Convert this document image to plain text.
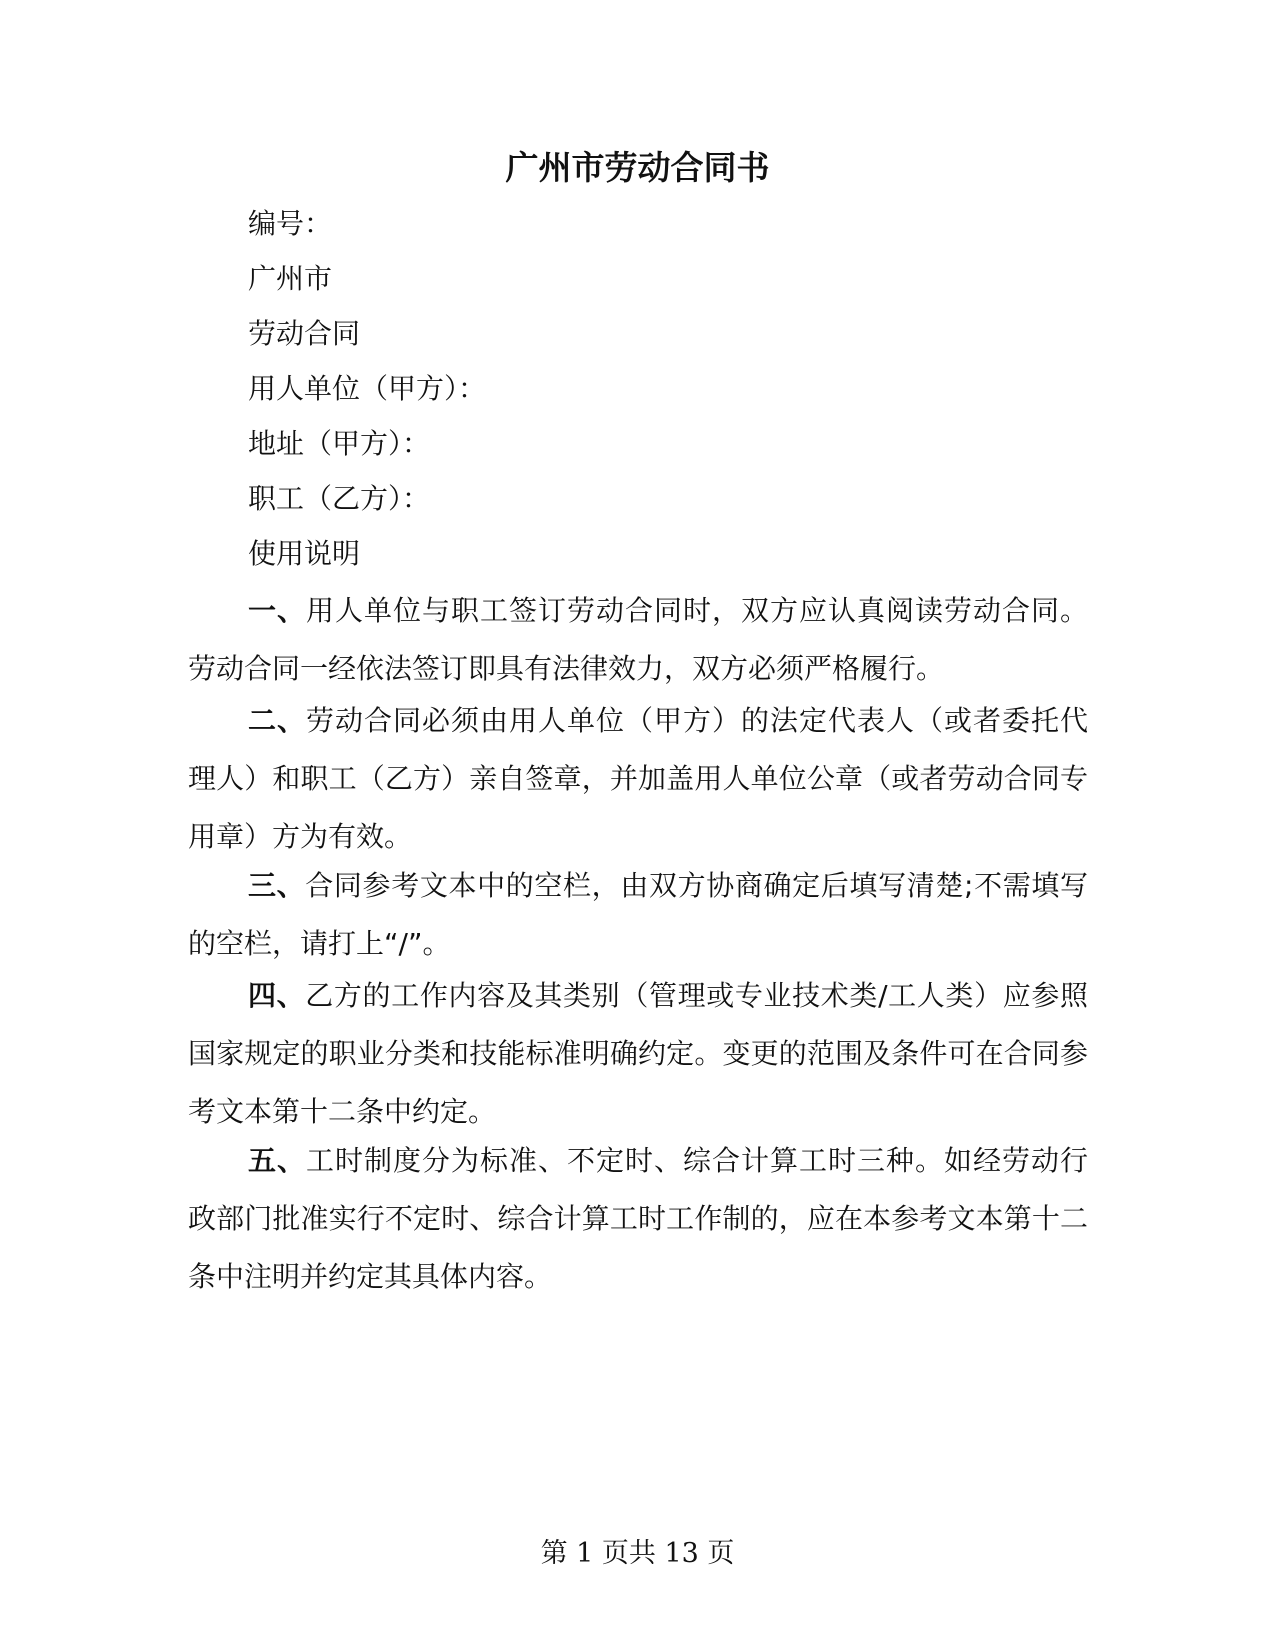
广州市劳动合同书
编号：
广州市
劳动合同
用人单位（甲方）：
地址（甲方）：
职工（乙方）：
使用说明
一、用人单位与职工签订劳动合同时，双方应认真阅读劳动合同。劳动合同一经依法签订即具有法律效力，双方必须严格履行。
二、劳动合同必须由用人单位（甲方）的法定代表人（或者委托代理人）和职工（乙方）亲自签章，并加盖用人单位公章（或者劳动合同专用章）方为有效。
三、合同参考文本中的空栏，由双方协商确定后填写清楚;不需填写的空栏，请打上“/”。
四、乙方的工作内容及其类别（管理或专业技术类/工人类）应参照国家规定的职业分类和技能标准明确约定。变更的范围及条件可在合同参考文本第十二条中约定。
五、工时制度分为标准、不定时、综合计算工时三种。如经劳动行政部门批准实行不定时、综合计算工时工作制的，应在本参考文本第十二条中注明并约定其具体内容。
第 1 页共 13 页
